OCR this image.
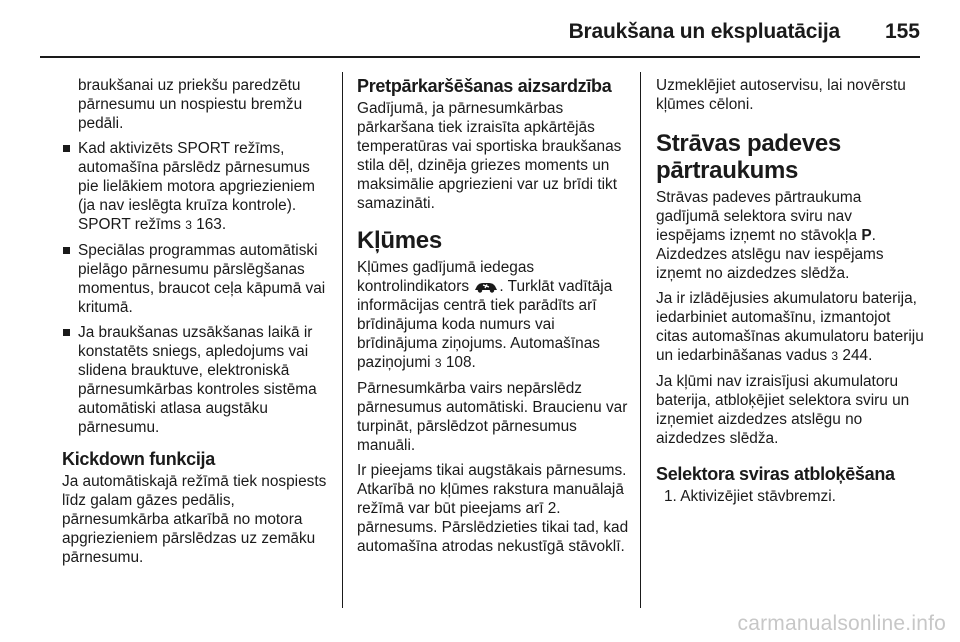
Braukšana un ekspluatācija 155

braukšanai uz priekšu paredzētu pārnesumu un nospiestu bremžu pedāli.

Kad aktivizēts SPORT režīms, automašīna pārslēdz pārnesumus pie lielākiem motora apgriezieniem (ja nav ieslēgta kruīza kontrole). SPORT režīms 3 163.
Speciālas programmas automātiski pielāgo pārnesumu pārslēgšanas momentus, braucot ceļa kāpumā vai kritumā.
Ja braukšanas uzsākšanas laikā ir konstatēts sniegs, apledojums vai slidena brauktuve, elektroniskā pārnesumkārbas kontroles sistēma automātiski atlasa augstāku pārnesumu.
Kickdown funkcija

Ja automātiskajā režīmā tiek nospiests līdz galam gāzes pedālis, pārnesumkārba atkarībā no motora apgriezieniem pārslēdzas uz zemāku pārnesumu.

Pretpārkaršēšanas aizsardzība

Gadījumā, ja pārnesumkārbas pārkaršana tiek izraisīta apkārtējās temperatūras vai sportiska braukšanas stila dēļ, dzinēja griezes moments un maksimālie apgriezieni var uz brīdi tikt samazināti.

Kļūmes

Kļūmes gadījumā iedegas kontrolindikators . Turklāt vadītāja informācijas centrā tiek parādīts arī brīdinājuma koda numurs vai brīdinājuma ziņojums. Automašīnas paziņojumi 3 108.

Pārnesumkārba vairs nepārslēdz pārnesumus automātiski. Braucienu var turpināt, pārslēdzot pārnesumus manuāli.

Ir pieejams tikai augstākais pārnesums. Atkarībā no kļūmes rakstura manuālajā režīmā var būt pieejams arī 2. pārnesums. Pārslēdzieties tikai tad, kad automašīna atrodas nekustīgā stāvoklī.

Uzmeklējiet autoservisu, lai novērstu kļūmes cēloni.

Strāvas padeves pārtraukums

Strāvas padeves pārtraukuma gadījumā selektora sviru nav iespējams izņemt no stāvokļa P. Aizdedzes atslēgu nav iespējams izņemt no aizdedzes slēdža.

Ja ir izlādējusies akumulatoru baterija, iedarbiniet automašīnu, izmantojot citas automašīnas akumulatoru bateriju un iedarbināšanas vadus 3 244.

Ja kļūmi nav izraisījusi akumulatoru baterija, atbloķējiet selektora sviru un izņemiet aizdedzes atslēgu no aizdedzes slēdža.

Selektora sviras atbloķēšana
1. Aktivizējiet stāvbremzi.
carmanualsonline.info
